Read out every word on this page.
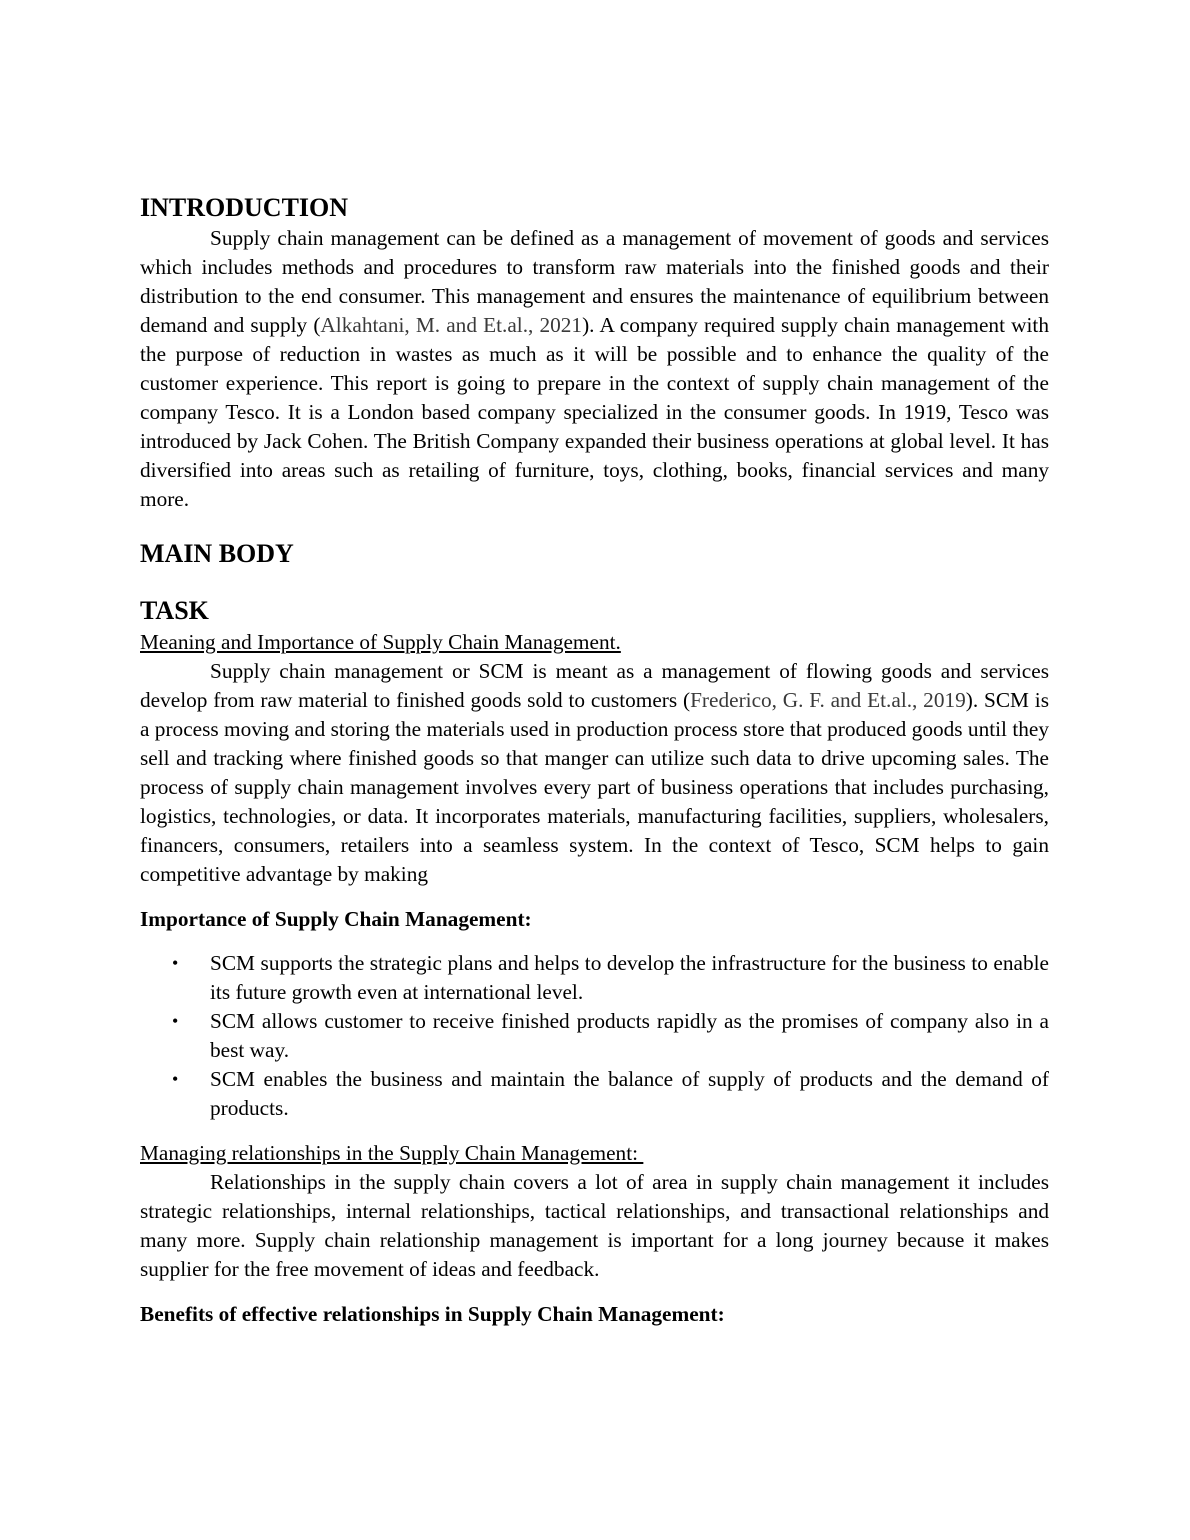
INTRODUCTION

Supply chain management can be defined as a management of movement of goods and services which includes methods and procedures to transform raw materials into the finished goods and their distribution to the end consumer. This management and ensures the maintenance of equilibrium between demand and supply (Alkahtani, M. and Et.al., 2021). A company required supply chain management with the purpose of reduction in wastes as much as it will be possible and to enhance the quality of the customer experience. This report is going to prepare in the context of supply chain management of the company Tesco. It is a London based company specialized in the consumer goods. In 1919, Tesco was introduced by Jack Cohen. The British Company expanded their business operations at global level. It has diversified into areas such as retailing of furniture, toys, clothing, books, financial services and many more.

MAIN BODY
TASK

Meaning and Importance of Supply Chain Management.

Supply chain management or SCM is meant as a management of flowing goods and services develop from raw material to finished goods sold to customers (Frederico, G. F. and Et.al., 2019). SCM is a process moving and storing the materials used in production process store that produced goods until they sell and tracking where finished goods so that manger can utilize such data to drive upcoming sales. The process of supply chain management involves every part of business operations that includes purchasing, logistics, technologies, or data. It incorporates materials, manufacturing facilities, suppliers, wholesalers, financers, consumers, retailers into a seamless system. In the context of Tesco, SCM helps to gain competitive advantage by making

Importance of Supply Chain Management:

• SCM supports the strategic plans and helps to develop the infrastructure for the business to enable its future growth even at international level.
• SCM allows customer to receive finished products rapidly as the promises of company also in a best way.
• SCM enables the business and maintain the balance of supply of products and the demand of products.

Managing relationships in the Supply Chain Management:

Relationships in the supply chain covers a lot of area in supply chain management it includes strategic relationships, internal relationships, tactical relationships, and transactional relationships and many more. Supply chain relationship management is important for a long journey because it makes supplier for the free movement of ideas and feedback.

Benefits of effective relationships in Supply Chain Management:
